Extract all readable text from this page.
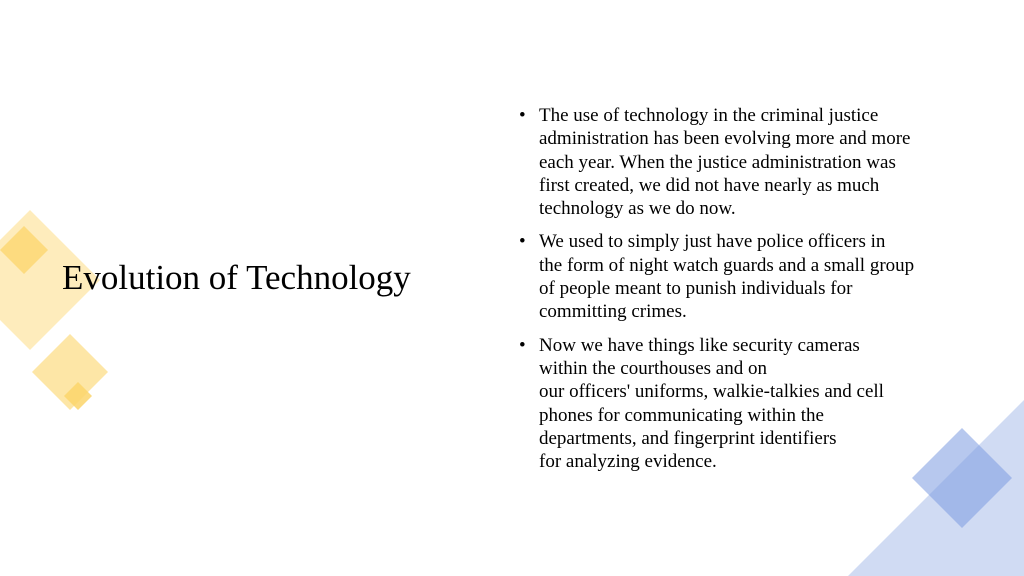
Evolution of Technology
• The use of technology in the criminal justice
administration has been evolving more and more
each year. When the justice administration was
first created, we did not have nearly as much
technology as we do now.
• We used to simply just have police officers in
the form of night watch guards and a small group
of people meant to punish individuals for
committing crimes.
• Now we have things like security cameras
within the courthouses and on
our officers' uniforms, walkie-talkies and cell
phones for communicating within the
departments, and fingerprint identifiers
for analyzing evidence.
